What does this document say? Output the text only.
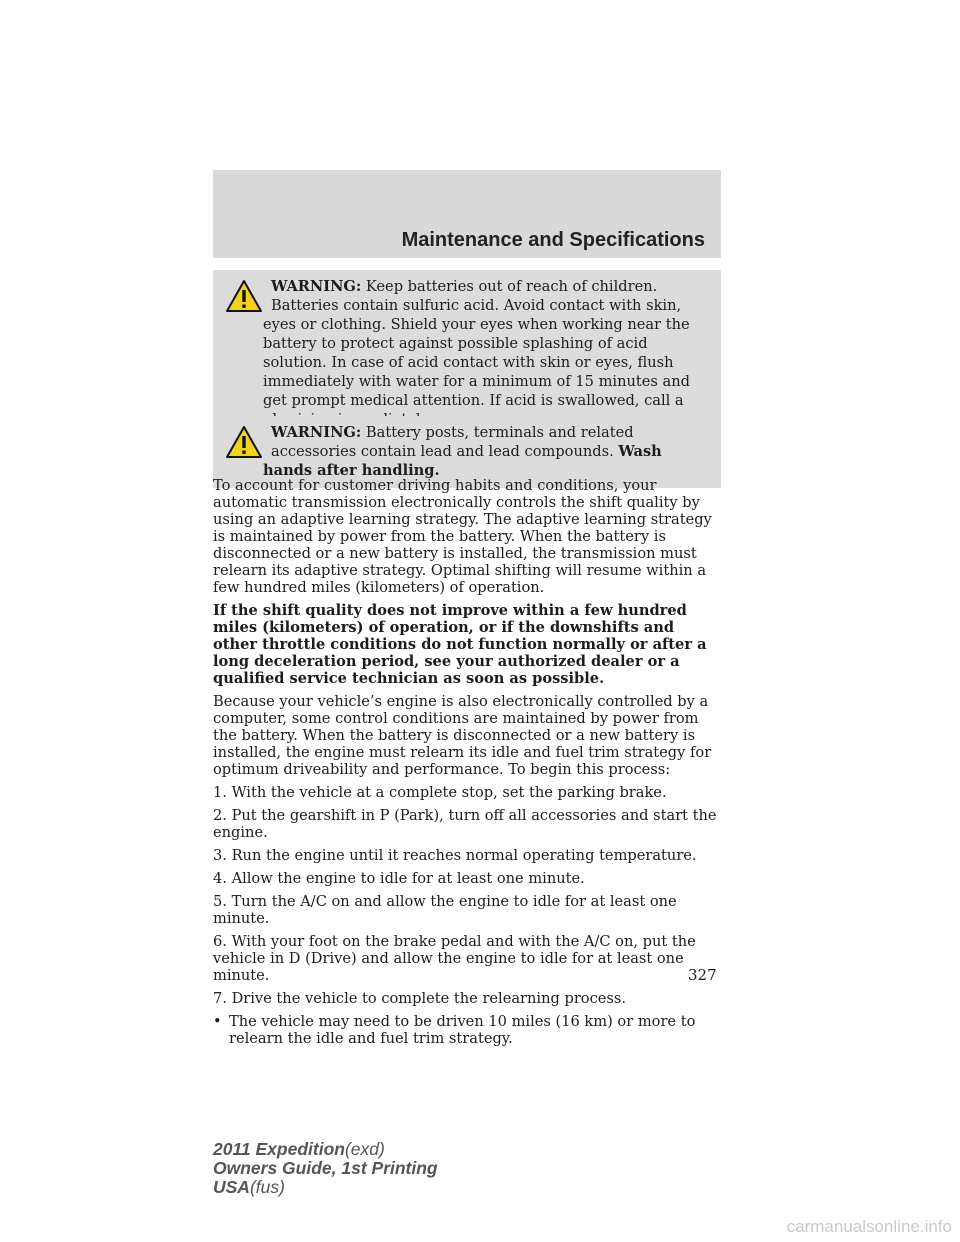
Maintenance and Specifications
WARNING: Keep batteries out of reach of children. Batteries contain sulfuric acid. Avoid contact with skin, eyes or clothing. Shield your eyes when working near the battery to protect against possible splashing of acid solution. In case of acid contact with skin or eyes, flush immediately with water for a minimum of 15 minutes and get prompt medical attention. If acid is swallowed, call a
WARNING: Battery posts, terminals and related accessories contain lead and lead compounds. Wash hands after handling.

To account for customer driving habits and conditions, your automatic transmission electronically controls the shift quality by using an adaptive learning strategy. The adaptive learning strategy is maintained by power from the battery. When the battery is disconnected or a new battery is installed, the transmission must relearn its adaptive strategy. Optimal shifting will resume within a few hundred miles (kilometers) of operation.

If the shift quality does not improve within a few hundred miles (kilometers) of operation, or if the downshifts and other throttle conditions do not function normally or after a long deceleration period, see your authorized dealer or a qualified service technician as soon as possible.

Because your vehicle’s engine is also electronically controlled by a computer, some control conditions are maintained by power from the battery. When the battery is disconnected or a new battery is installed, the engine must relearn its idle and fuel trim strategy for optimum driveability and performance. To begin this process:

1. With the vehicle at a complete stop, set the parking brake.

2. Put the gearshift in P (Park), turn off all accessories and start the engine.

3. Run the engine until it reaches normal operating temperature.

4. Allow the engine to idle for at least one minute.

5. Turn the A/C on and allow the engine to idle for at least one minute.

6. With your foot on the brake pedal and with the A/C on, put the vehicle in D (Drive) and allow the engine to idle for at least one minute.

7. Drive the vehicle to complete the relearning process.

• The vehicle may need to be driven 10 miles (16 km) or more to relearn the idle and fuel trim strategy.
327
2011 Expedition(exd)
Owners Guide, 1st Printing
USA(fus)
carmanualsonline.info
